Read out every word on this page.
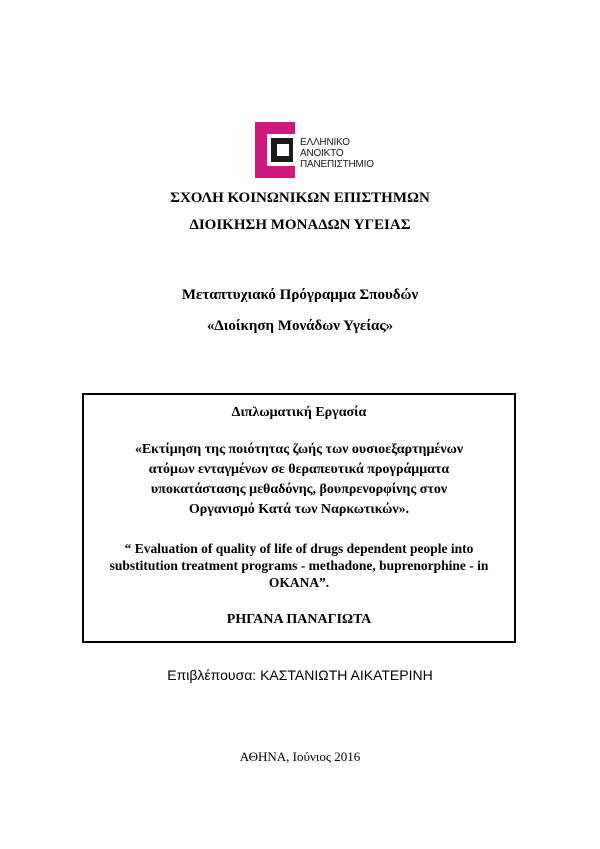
ΕΛΛΗΝΙΚΟ
ΑΝΟΙΚΤΟ
ΠΑΝΕΠΙΣΤΗΜΙΟ
ΣΧΟΛΗ ΚΟΙΝΩΝΙΚΩΝ ΕΠΙΣΤΗΜΩΝ
ΔΙΟΙΚΗΣΗ ΜΟΝΑΔΩΝ ΥΓΕΙΑΣ
Μεταπτυχιακό Πρόγραμμα Σπουδών
«Διοίκηση Μονάδων Υγείας»
Διπλωματική Εργασία
«Εκτίμηση της ποιότητας ζωής των ουσιοεξαρτημένων
ατόμων ενταγμένων σε θεραπευτικά προγράμματα
υποκατάστασης μεθαδόνης, βουπρενορφίνης στον
Οργανισμό Κατά των Ναρκωτικών».
“ Evaluation of quality of life of drugs dependent people into
substitution treatment programs - methadone, buprenorphine - in
OKANA”.
ΡΗΓΑΝΑ ΠΑΝΑΓΙΩΤΑ
Επιβλέπουσα: ΚΑΣΤΑΝΙΩΤΗ ΑΙΚΑΤΕΡΙΝΗ
ΑΘΗΝΑ, Ιούνιος 2016
